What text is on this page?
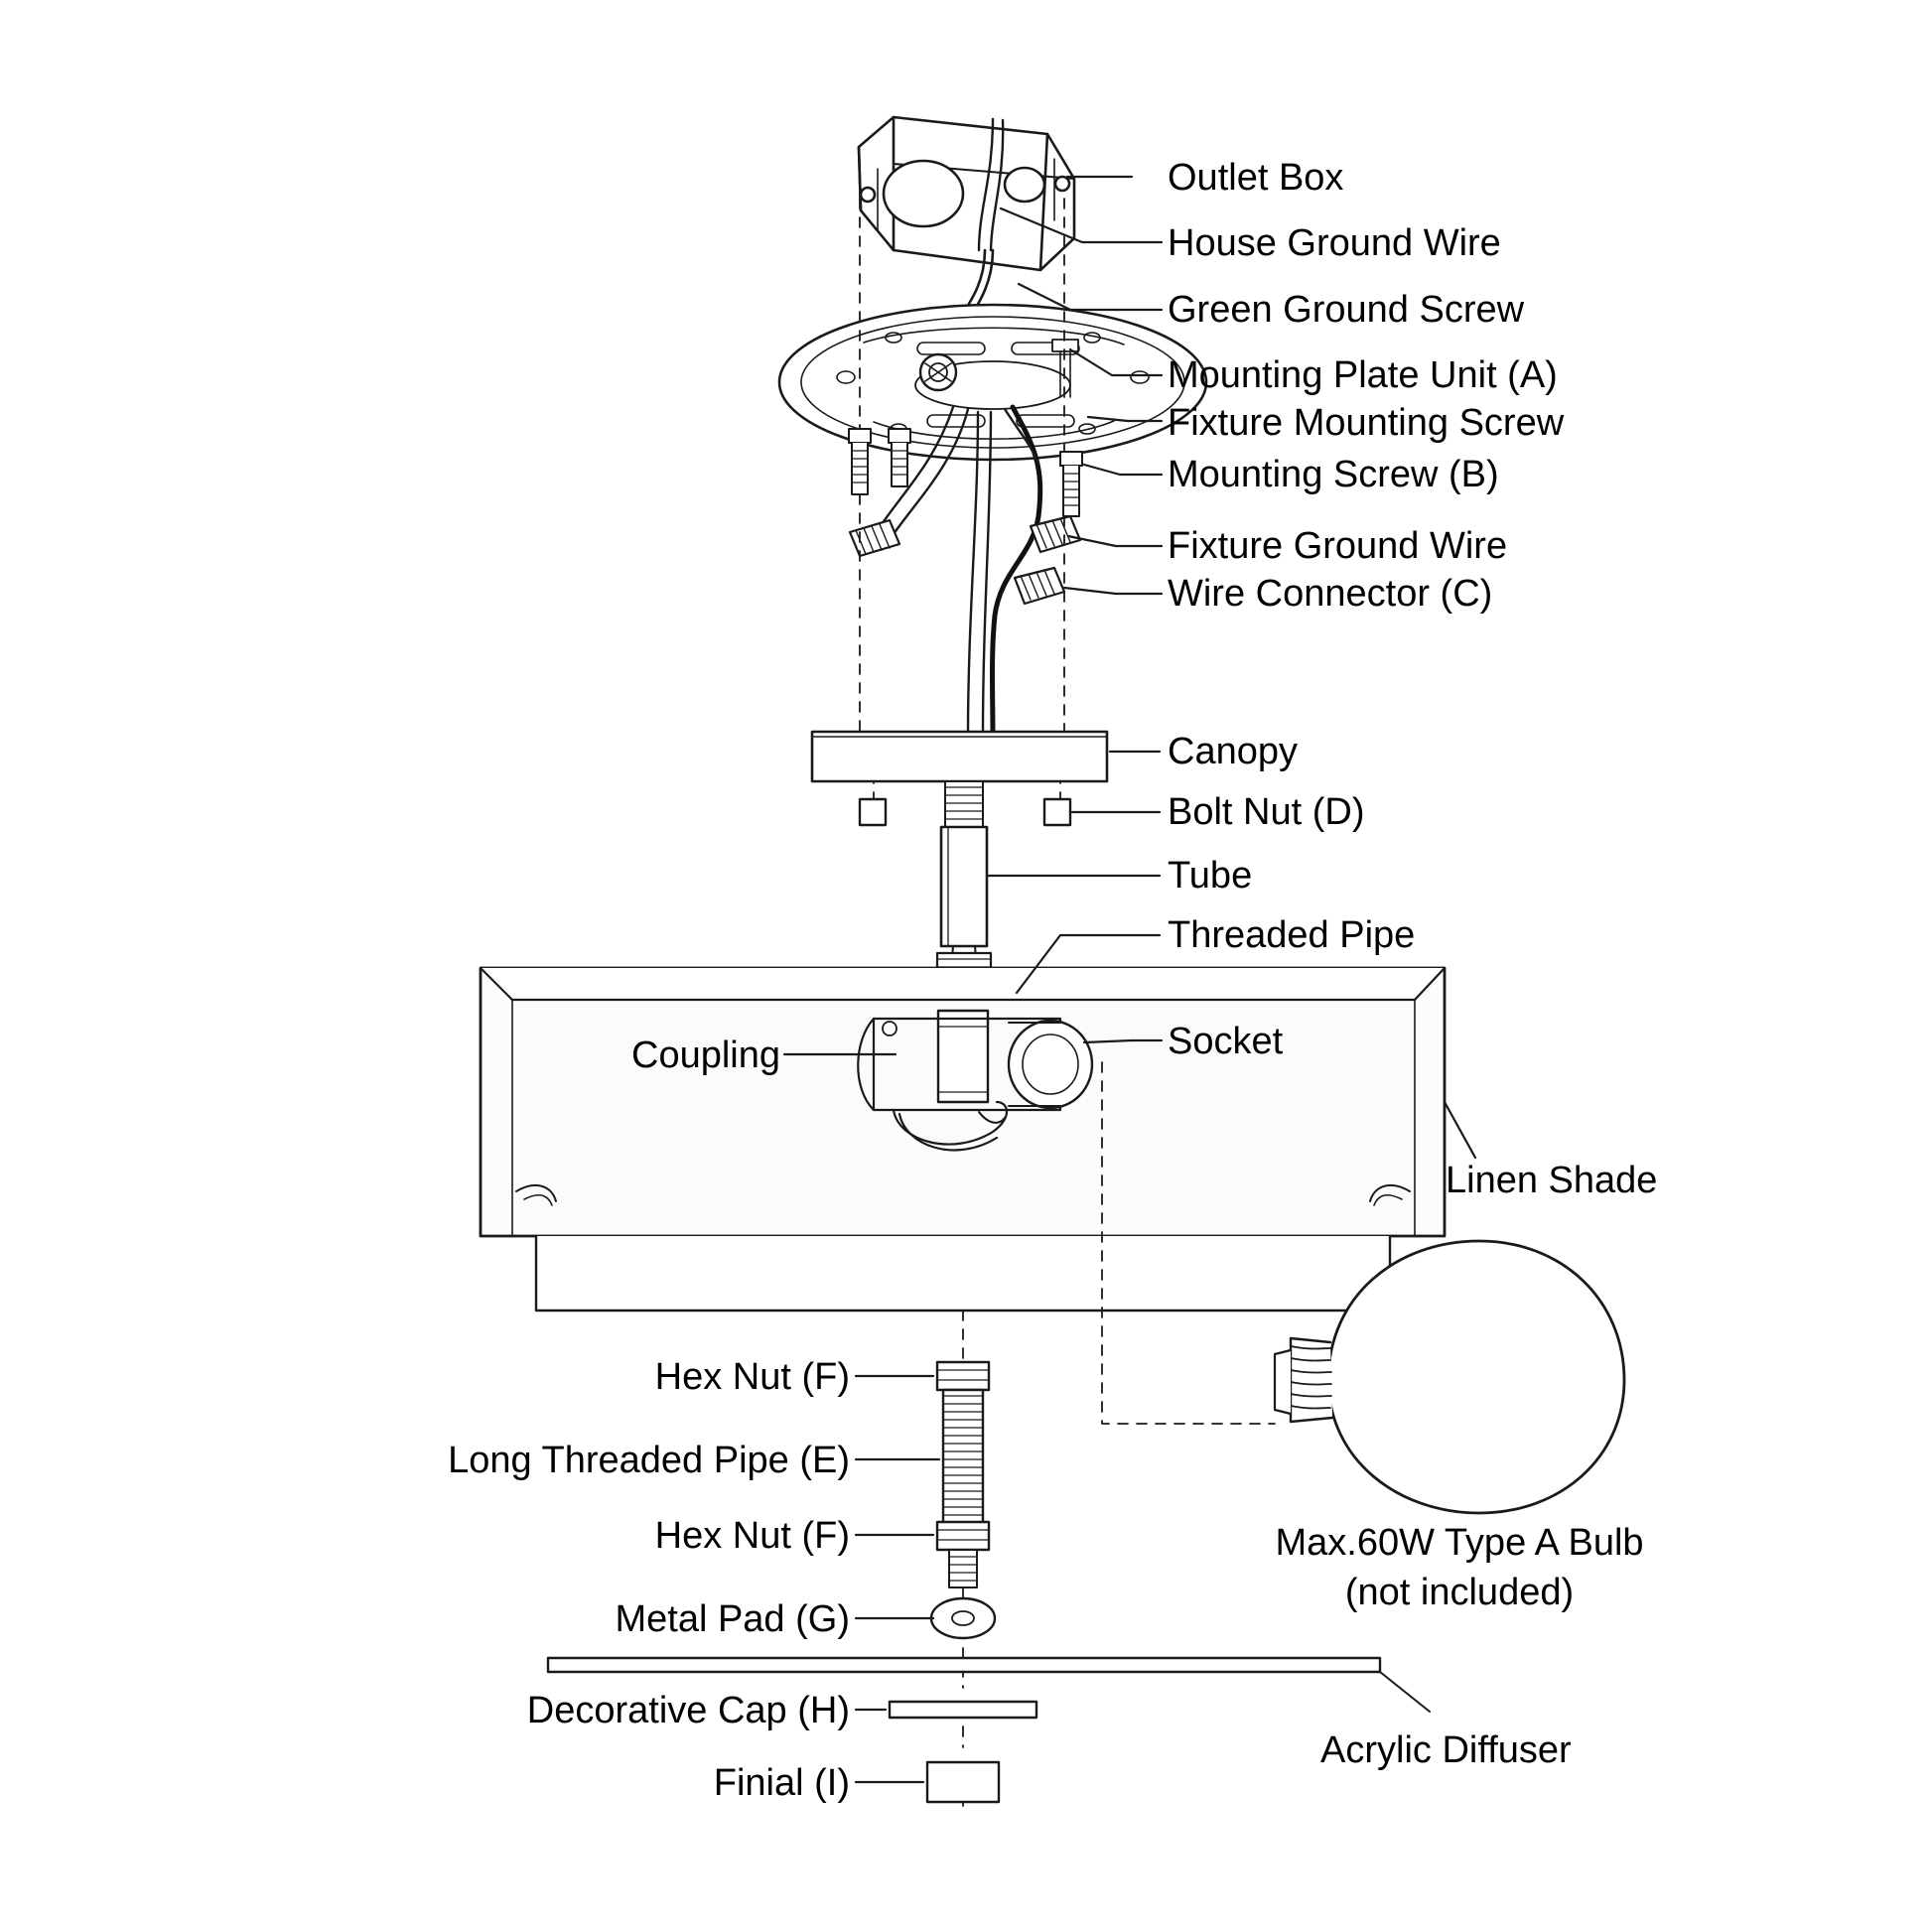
Outlet Box
House Ground Wire
Green Ground Screw
Mounting Plate Unit (A)
Fixture Mounting Screw
Mounting Screw (B)
Fixture Ground Wire
Wire Connector (C)
Canopy
Bolt Nut (D)
Tube
Threaded Pipe
Coupling	Socket
Linen Shade
Hex Nut (F)
Long Threaded Pipe (E)
Hex Nut (F)
Metal Pad (G)
Decorative Cap (H)
Finial (I)
Acrylic Diffuser
Max.60W Type A Bulb
(not included)
